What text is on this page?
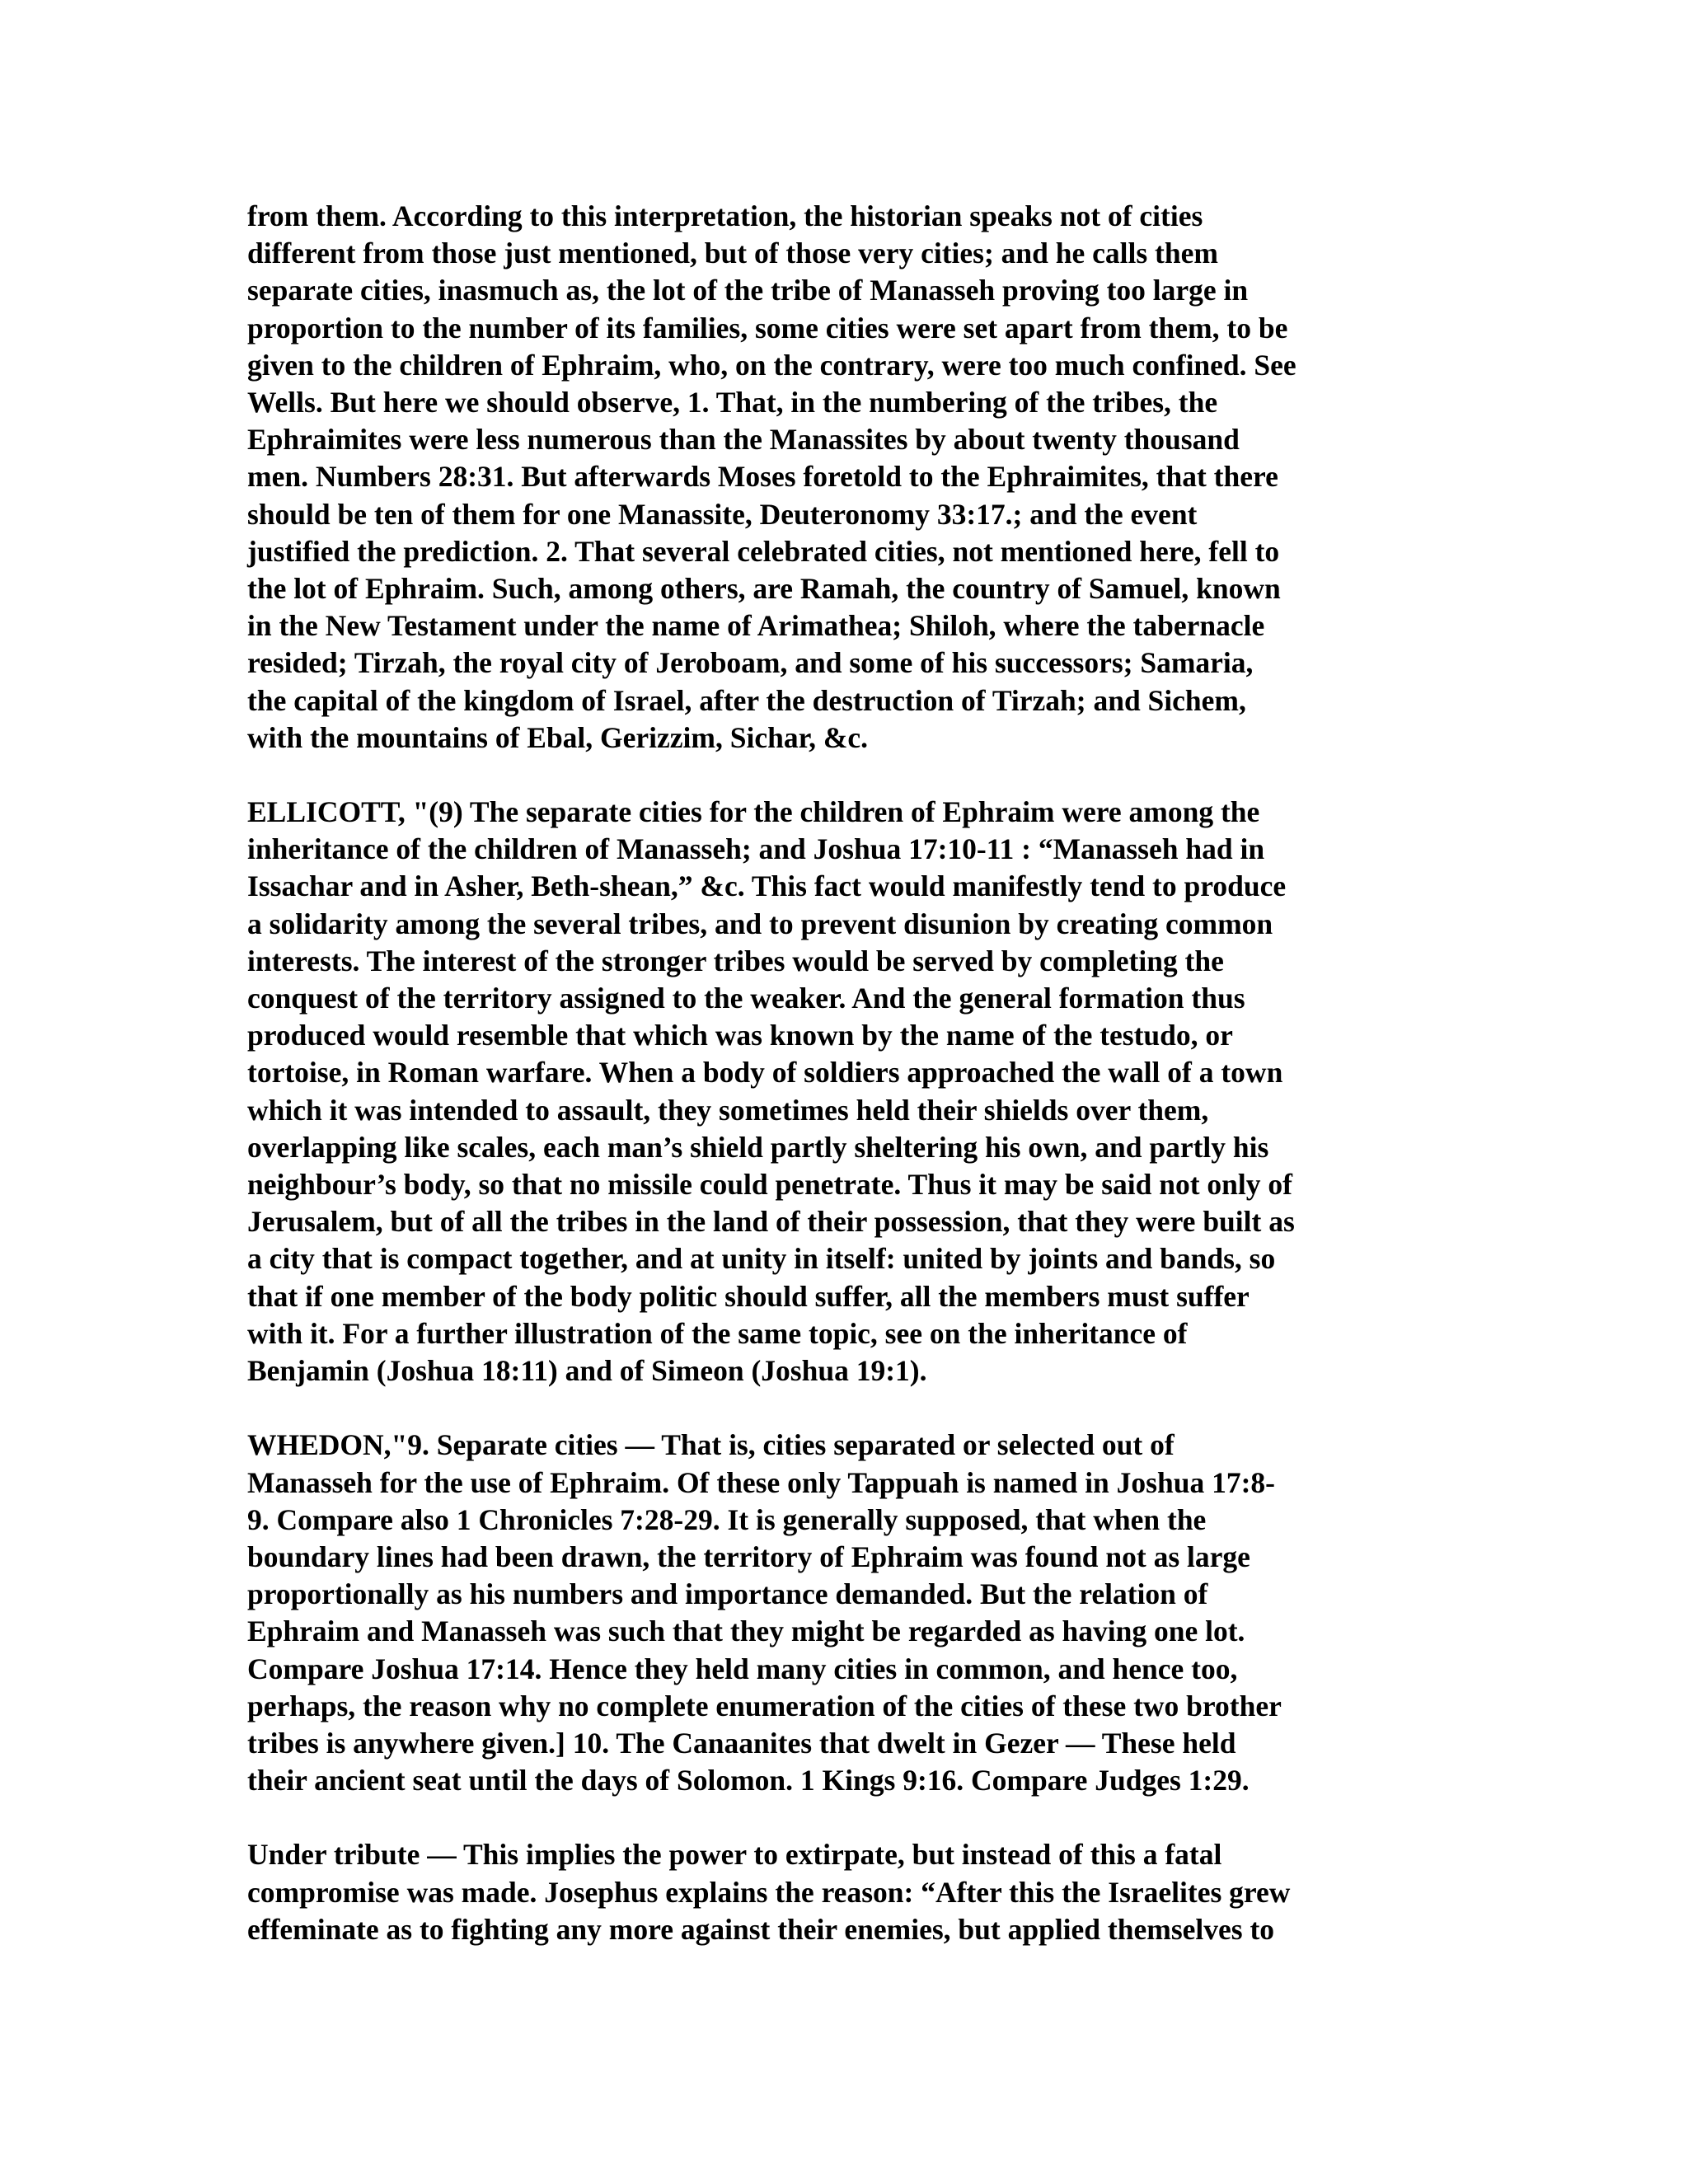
from them. According to this interpretation, the historian speaks not of cities
different from those just mentioned, but of those very cities; and he calls them
separate cities, inasmuch as, the lot of the tribe of Manasseh proving too large in
proportion to the number of its families, some cities were set apart from them, to be
given to the children of Ephraim, who, on the contrary, were too much confined. See
Wells. But here we should observe, 1. That, in the numbering of the tribes, the
Ephraimites were less numerous than the Manassites by about twenty thousand
men. Numbers 28:31. But afterwards Moses foretold to the Ephraimites, that there
should be ten of them for one Manassite, Deuteronomy 33:17.; and the event
justified the prediction. 2. That several celebrated cities, not mentioned here, fell to
the lot of Ephraim. Such, among others, are Ramah, the country of Samuel, known
in the New Testament under the name of Arimathea; Shiloh, where the tabernacle
resided; Tirzah, the royal city of Jeroboam, and some of his successors; Samaria,
the capital of the kingdom of Israel, after the destruction of Tirzah; and Sichem,
with the mountains of Ebal, Gerizzim, Sichar, &c.

ELLICOTT, "(9) The separate cities for the children of Ephraim were among the
inheritance of the children of Manasseh; and Joshua 17:10-11 : “Manasseh had in
Issachar and in Asher, Beth-shean,” &c. This fact would manifestly tend to produce
a solidarity among the several tribes, and to prevent disunion by creating common
interests. The interest of the stronger tribes would be served by completing the
conquest of the territory assigned to the weaker. And the general formation thus
produced would resemble that which was known by the name of the testudo, or
tortoise, in Roman warfare. When a body of soldiers approached the wall of a town
which it was intended to assault, they sometimes held their shields over them,
overlapping like scales, each man’s shield partly sheltering his own, and partly his
neighbour’s body, so that no missile could penetrate. Thus it may be said not only of
Jerusalem, but of all the tribes in the land of their possession, that they were built as
a city that is compact together, and at unity in itself: united by joints and bands, so
that if one member of the body politic should suffer, all the members must suffer
with it. For a further illustration of the same topic, see on the inheritance of
Benjamin (Joshua 18:11) and of Simeon (Joshua 19:1).

WHEDON,"9. Separate cities — That is, cities separated or selected out of
Manasseh for the use of Ephraim. Of these only Tappuah is named in Joshua 17:8-
9. Compare also 1 Chronicles 7:28-29. It is generally supposed, that when the
boundary lines had been drawn, the territory of Ephraim was found not as large
proportionally as his numbers and importance demanded. But the relation of
Ephraim and Manasseh was such that they might be regarded as having one lot.
Compare Joshua 17:14. Hence they held many cities in common, and hence too,
perhaps, the reason why no complete enumeration of the cities of these two brother
tribes is anywhere given.] 10. The Canaanites that dwelt in Gezer — These held
their ancient seat until the days of Solomon. 1 Kings 9:16. Compare Judges 1:29.

Under tribute — This implies the power to extirpate, but instead of this a fatal
compromise was made. Josephus explains the reason: “After this the Israelites grew
effeminate as to fighting any more against their enemies, but applied themselves to
